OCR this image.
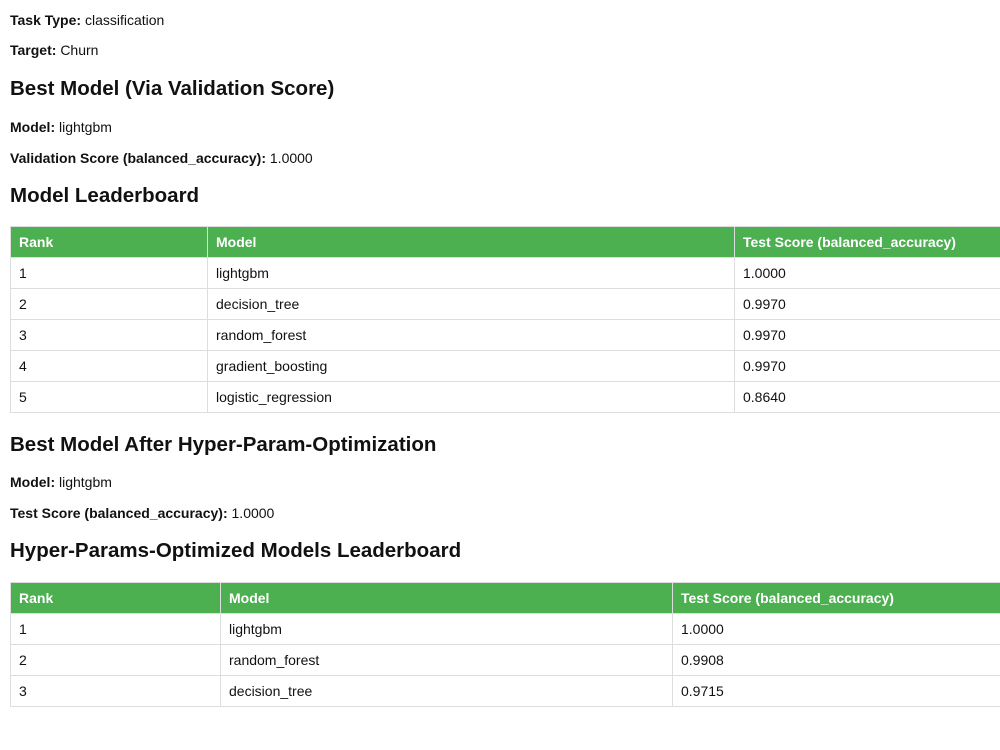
Task Type: classification
Target: Churn
Best Model (Via Validation Score)
Model: lightgbm
Validation Score (balanced_accuracy): 1.0000
Model Leaderboard
Rank	Model	Test Score (balanced_accuracy)
1	lightgbm	1.0000
2	decision_tree	0.9970
3	random_forest	0.9970
4	gradient_boosting	0.9970
5	logistic_regression	0.8640
Best Model After Hyper-Param-Optimization
Model: lightgbm
Test Score (balanced_accuracy): 1.0000
Hyper-Params-Optimized Models Leaderboard
Rank	Model	Test Score (balanced_accuracy)
1	lightgbm	1.0000
2	random_forest	0.9908
3	decision_tree	0.9715
